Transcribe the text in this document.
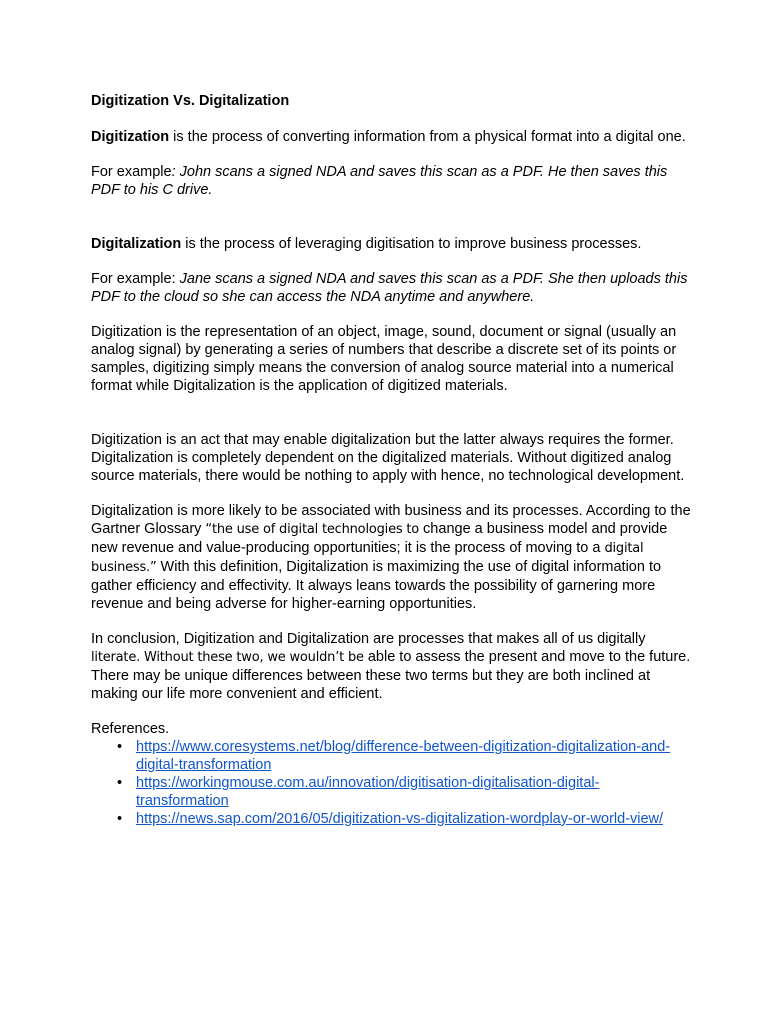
Digitization Vs. Digitalization

Digitization is the process of converting information from a physical format into a digital one.

For example: John scans a signed NDA and saves this scan as a PDF. He then saves this PDF to his C drive.

Digitalization is the process of leveraging digitisation to improve business processes.

For example: Jane scans a signed NDA and saves this scan as a PDF. She then uploads this PDF to the cloud so she can access the NDA anytime and anywhere.

Digitization is the representation of an object, image, sound, document or signal (usually an analog signal) by generating a series of numbers that describe a discrete set of its points or samples, digitizing simply means the conversion of analog source material into a numerical format while Digitalization is the application of digitized materials.

Digitization is an act that may enable digitalization but the latter always requires the former. Digitalization is completely dependent on the digitalized materials. Without digitized analog source materials, there would be nothing to apply with hence, no technological development.

Digitalization is more likely to be associated with business and its processes. According to the Gartner Glossary “the use of digital technologies to change a business model and provide new revenue and value-producing opportunities; it is the process of moving to a digital business.” With this definition, Digitalization is maximizing the use of digital information to gather efficiency and effectivity. It always leans towards the possibility of garnering more revenue and being adverse for higher-earning opportunities.

In conclusion, Digitization and Digitalization are processes that makes all of us digitally literate. Without these two, we wouldn’t be able to assess the present and move to the future. There may be unique differences between these two terms but they are both inclined at making our life more convenient and efficient.

References.

• https://www.coresystems.net/blog/difference-between-digitization-digitalization-and-digital-transformation
• https://workingmouse.com.au/innovation/digitisation-digitalisation-digital-transformation
• https://news.sap.com/2016/05/digitization-vs-digitalization-wordplay-or-world-view/
